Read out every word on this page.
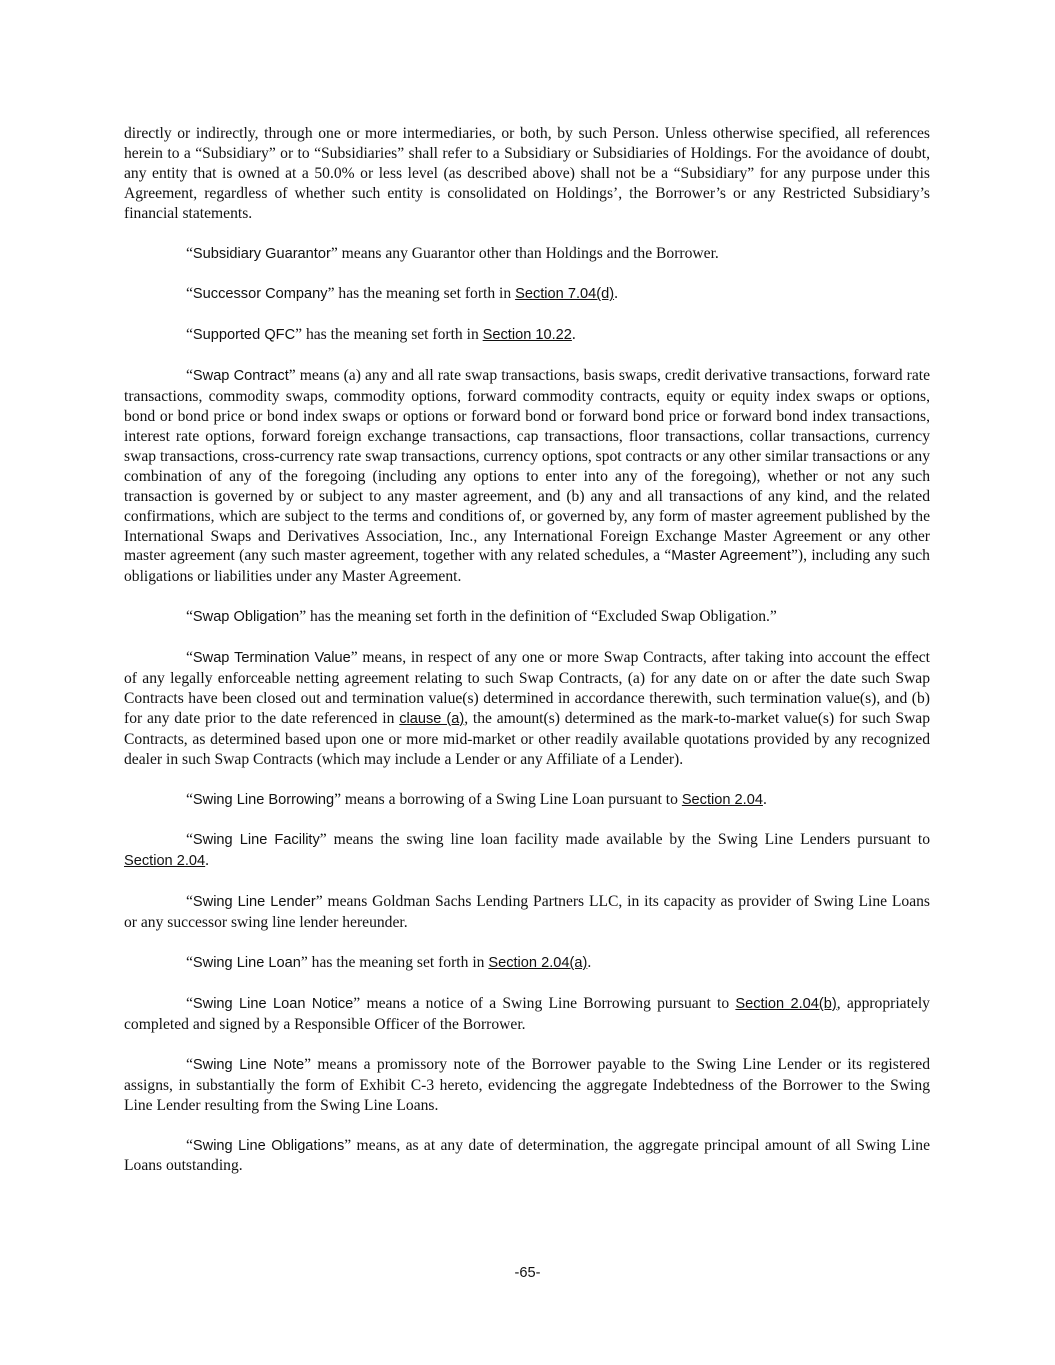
directly or indirectly, through one or more intermediaries, or both, by such Person. Unless otherwise specified, all references herein to a “Subsidiary” or to “Subsidiaries” shall refer to a Subsidiary or Subsidiaries of Holdings. For the avoidance of doubt, any entity that is owned at a 50.0% or less level (as described above) shall not be a “Subsidiary” for any purpose under this Agreement, regardless of whether such entity is consolidated on Holdings’, the Borrower’s or any Restricted Subsidiary’s financial statements.

“Subsidiary Guarantor” means any Guarantor other than Holdings and the Borrower.

“Successor Company” has the meaning set forth in Section 7.04(d).

“Supported QFC” has the meaning set forth in Section 10.22.

“Swap Contract” means (a) any and all rate swap transactions, basis swaps, credit derivative transactions, forward rate transactions, commodity swaps, commodity options, forward commodity contracts, equity or equity index swaps or options, bond or bond price or bond index swaps or options or forward bond or forward bond price or forward bond index transactions, interest rate options, forward foreign exchange transactions, cap transactions, floor transactions, collar transactions, currency swap transactions, cross-currency rate swap transactions, currency options, spot contracts or any other similar transactions or any combination of any of the foregoing (including any options to enter into any of the foregoing), whether or not any such transaction is governed by or subject to any master agreement, and (b) any and all transactions of any kind, and the related confirmations, which are subject to the terms and conditions of, or governed by, any form of master agreement published by the International Swaps and Derivatives Association, Inc., any International Foreign Exchange Master Agreement or any other master agreement (any such master agreement, together with any related schedules, a “Master Agreement”), including any such obligations or liabilities under any Master Agreement.

“Swap Obligation” has the meaning set forth in the definition of “Excluded Swap Obligation.”

“Swap Termination Value” means, in respect of any one or more Swap Contracts, after taking into account the effect of any legally enforceable netting agreement relating to such Swap Contracts, (a) for any date on or after the date such Swap Contracts have been closed out and termination value(s) determined in accordance therewith, such termination value(s), and (b) for any date prior to the date referenced in clause (a), the amount(s) determined as the mark-to-market value(s) for such Swap Contracts, as determined based upon one or more mid-market or other readily available quotations provided by any recognized dealer in such Swap Contracts (which may include a Lender or any Affiliate of a Lender).

“Swing Line Borrowing” means a borrowing of a Swing Line Loan pursuant to Section 2.04.

“Swing Line Facility” means the swing line loan facility made available by the Swing Line Lenders pursuant to Section 2.04.

“Swing Line Lender” means Goldman Sachs Lending Partners LLC, in its capacity as provider of Swing Line Loans or any successor swing line lender hereunder.

“Swing Line Loan” has the meaning set forth in Section 2.04(a).

“Swing Line Loan Notice” means a notice of a Swing Line Borrowing pursuant to Section 2.04(b), appropriately completed and signed by a Responsible Officer of the Borrower.

“Swing Line Note” means a promissory note of the Borrower payable to the Swing Line Lender or its registered assigns, in substantially the form of Exhibit C-3 hereto, evidencing the aggregate Indebtedness of the Borrower to the Swing Line Lender resulting from the Swing Line Loans.

“Swing Line Obligations” means, as at any date of determination, the aggregate principal amount of all Swing Line Loans outstanding.

-65-
